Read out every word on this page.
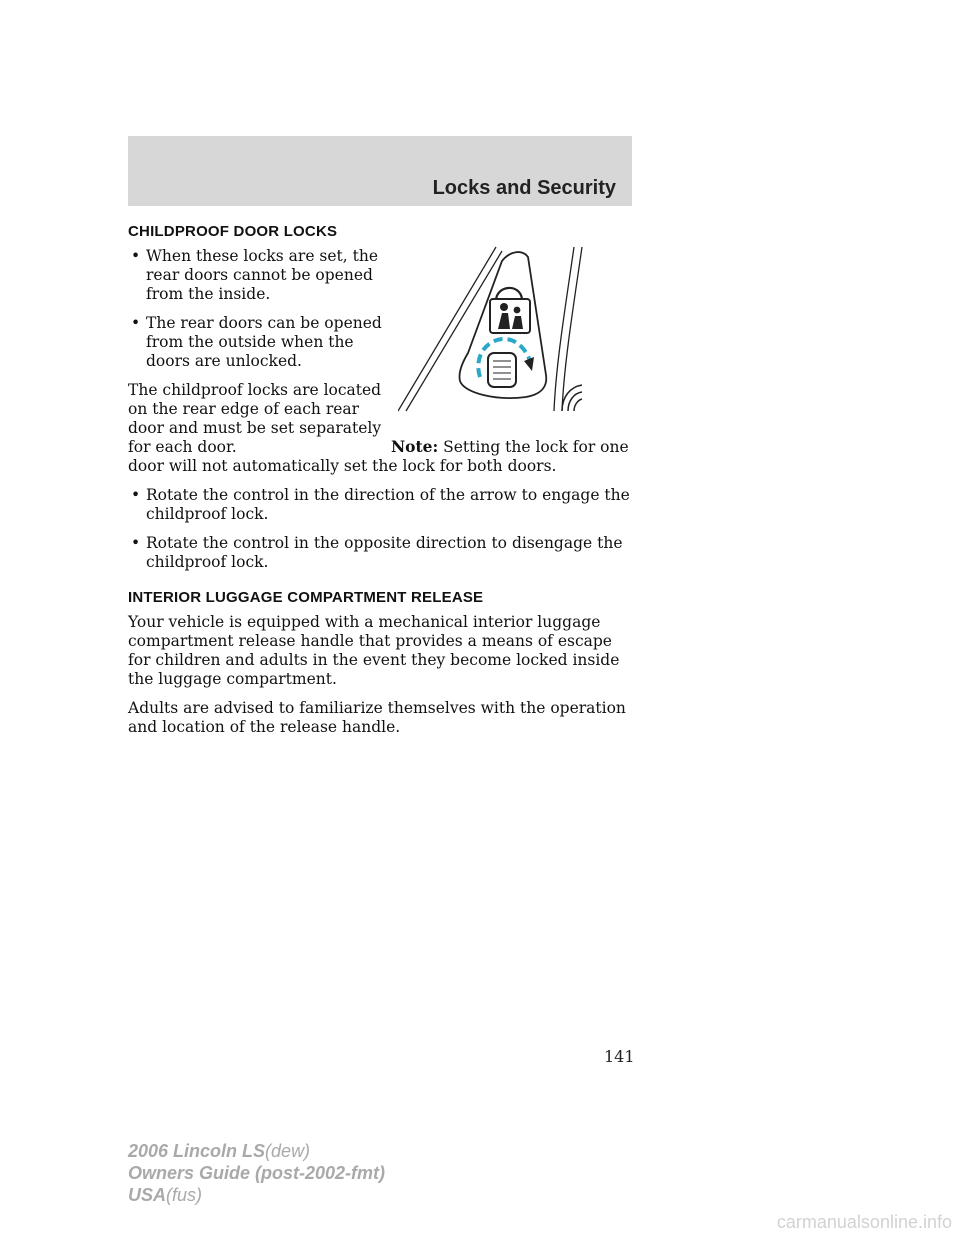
Locks and Security
CHILDPROOF DOOR LOCKS
• When these locks are set, the rear doors cannot be opened from the inside.
• The rear doors can be opened from the outside when the doors are unlocked.

The childproof locks are located on the rear edge of each rear door and must be set separately for each door.	Note: Setting the lock for one door will not automatically set the lock for both doors.

• Rotate the control in the direction of the arrow to engage the childproof lock.
• Rotate the control in the opposite direction to disengage the childproof lock.
INTERIOR LUGGAGE COMPARTMENT RELEASE

Your vehicle is equipped with a mechanical interior luggage compartment release handle that provides a means of escape for children and adults in the event they become locked inside the luggage compartment.

Adults are advised to familiarize themselves with the operation and location of the release handle.

141
2006 Lincoln LS(dew)
Owners Guide (post-2002-fmt)
USA(fus)
carmanualsonline.info
